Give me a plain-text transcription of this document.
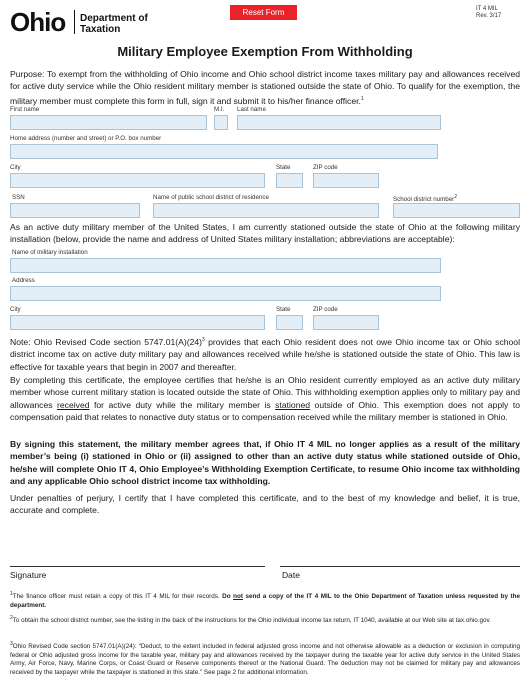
Ohio Department of
Taxation
Reset Form	IT 4 MIL
Rev. 3/17
Military Employee Exemption From Withholding
Purpose: To exempt from the withholding of Ohio income and Ohio school district income taxes military pay and allowances received for active duty service while the Ohio resident military member is stationed outside the state of Ohio. To qualify for the exemption, the military member must complete this form in full, sign it and submit it to his/her finance officer.$^1$
First name	M.I. Last name
Home address (number and street) or P.O. box number
City	State	ZIP code
SSN	Name of public school district of residence	School district number$^2$
As an active duty military member of the United States, I am currently stationed outside the state of Ohio at the following military installation (below, provide the name and address of United States military installation; abbreviations are acceptable):
Name of military installation
Address
City	State	ZIP code
Note: Ohio Revised Code section $5747.01(A)(24)^3$ provides that each Ohio resident does not owe Ohio income tax or Ohio school district income tax on active duty military pay and allowances received while he/she is stationed outside the state of Ohio. This law is effective for taxable years that begin in 2007 and thereafter.
By completing this certificate, the employee certifies that he/she is an Ohio resident currently employed as an active duty military member whose current military station is located outside the state of Ohio. This withholding exemption applies only to military pay and allowances received for active duty while the military member is stationed outside of Ohio. This exemption does not apply to compensation paid that relates to nonactive duty status or to compensation received while the military member is stationed in Ohio.
By signing this statement, the military member agrees that, if Ohio IT 4 MIL no longer applies as a result of the military member’s being (i) stationed in Ohio or (ii) assigned to other than an active duty status while stationed outside of Ohio, he/she will complete Ohio IT 4, Ohio Employee’s Withholding Exemption Certificate, to resume Ohio income tax withholding and any applicable Ohio school district income tax withholding.
Under penalties of perjury, I certify that I have completed this certificate, and to the best of my knowledge and belief, it is true, accurate and complete.
Signature	Date
$^1$The finance officer must retain a copy of this IT 4 MIL for their records. Do not send a copy of the IT 4 MIL to the Ohio Department of Taxation unless requested by the department.
$^2$To obtain the school district number, see the listing in the back of the instructions for the Ohio individual income tax return, IT 1040, available at our Web site at tax.ohio.gov.
$^3$Ohio Revised Code section 5747.01(A)(24): “Deduct, to the extent included in federal adjusted gross income and not otherwise allowable as a deduction or exclusion in computing federal or Ohio adjusted gross income for the taxable year, military pay and allowances received by the taxpayer during the taxable year for active duty service in the United States Army, Air Force, Navy, Marine Corps, or Coast Guard or Reserve components thereof or the National Guard. The deduction may not be claimed for military pay and allowances received by the taxpayer while the taxpayer is stationed in this state.” See page 2 for additional information.
